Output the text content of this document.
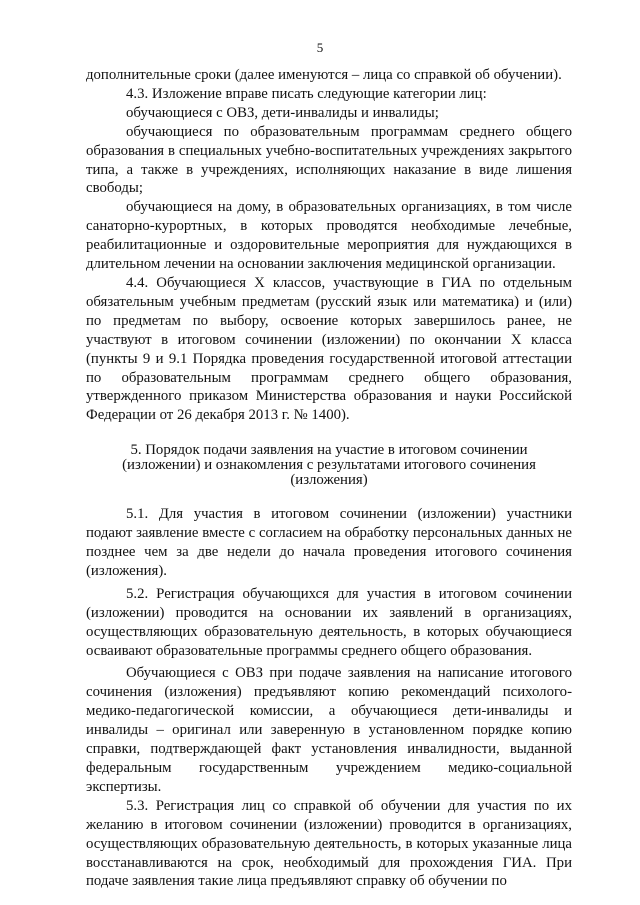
5

дополнительные сроки (далее именуются – лица со справкой об обучении).

4.3. Изложение вправе писать следующие категории лиц:

обучающиеся с ОВЗ, дети-инвалиды и инвалиды;

обучающиеся по образовательным программам среднего общего образования в специальных учебно-воспитательных учреждениях закрытого типа, а также в учреждениях, исполняющих наказание в виде лишения свободы;

обучающиеся на дому, в образовательных организациях, в том числе санаторно-курортных, в которых проводятся необходимые лечебные, реабилитационные и оздоровительные мероприятия для нуждающихся в длительном лечении на основании заключения медицинской организации.

4.4. Обучающиеся X классов, участвующие в ГИА по отдельным обязательным учебным предметам (русский язык или математика) и (или) по предметам по выбору, освоение которых завершилось ранее, не участвуют в итоговом сочинении (изложении) по окончании X класса (пункты 9 и 9.1 Порядка проведения государственной итоговой аттестации по образовательным программам среднего общего образования, утвержденного приказом Министерства образования и науки Российской Федерации от 26 декабря 2013 г. № 1400).

5. Порядок подачи заявления на участие в итоговом сочинении
(изложении) и ознакомления с результатами итогового сочинения
(изложения)

5.1. Для участия в итоговом сочинении (изложении) участники подают заявление вместе с согласием на обработку персональных данных не позднее чем за две недели до начала проведения итогового сочинения (изложения).

5.2. Регистрация обучающихся для участия в итоговом сочинении (изложении) проводится на основании их заявлений в организациях, осуществляющих образовательную деятельность, в которых обучающиеся осваивают образовательные программы среднего общего образования.

Обучающиеся с ОВЗ при подаче заявления на написание итогового сочинения (изложения) предъявляют копию рекомендаций психолого-медико-педагогической комиссии, а обучающиеся дети-инвалиды и инвалиды – оригинал или заверенную в установленном порядке копию справки, подтверждающей факт установления инвалидности, выданной федеральным государственным учреждением медико-социальной экспертизы.

5.3. Регистрация лиц со справкой об обучении для участия по их желанию в итоговом сочинении (изложении) проводится в организациях, осуществляющих образовательную деятельность, в которых указанные лица восстанавливаются на срок, необходимый для прохождения ГИА. При подаче заявления такие лица предъявляют справку об обучении по
